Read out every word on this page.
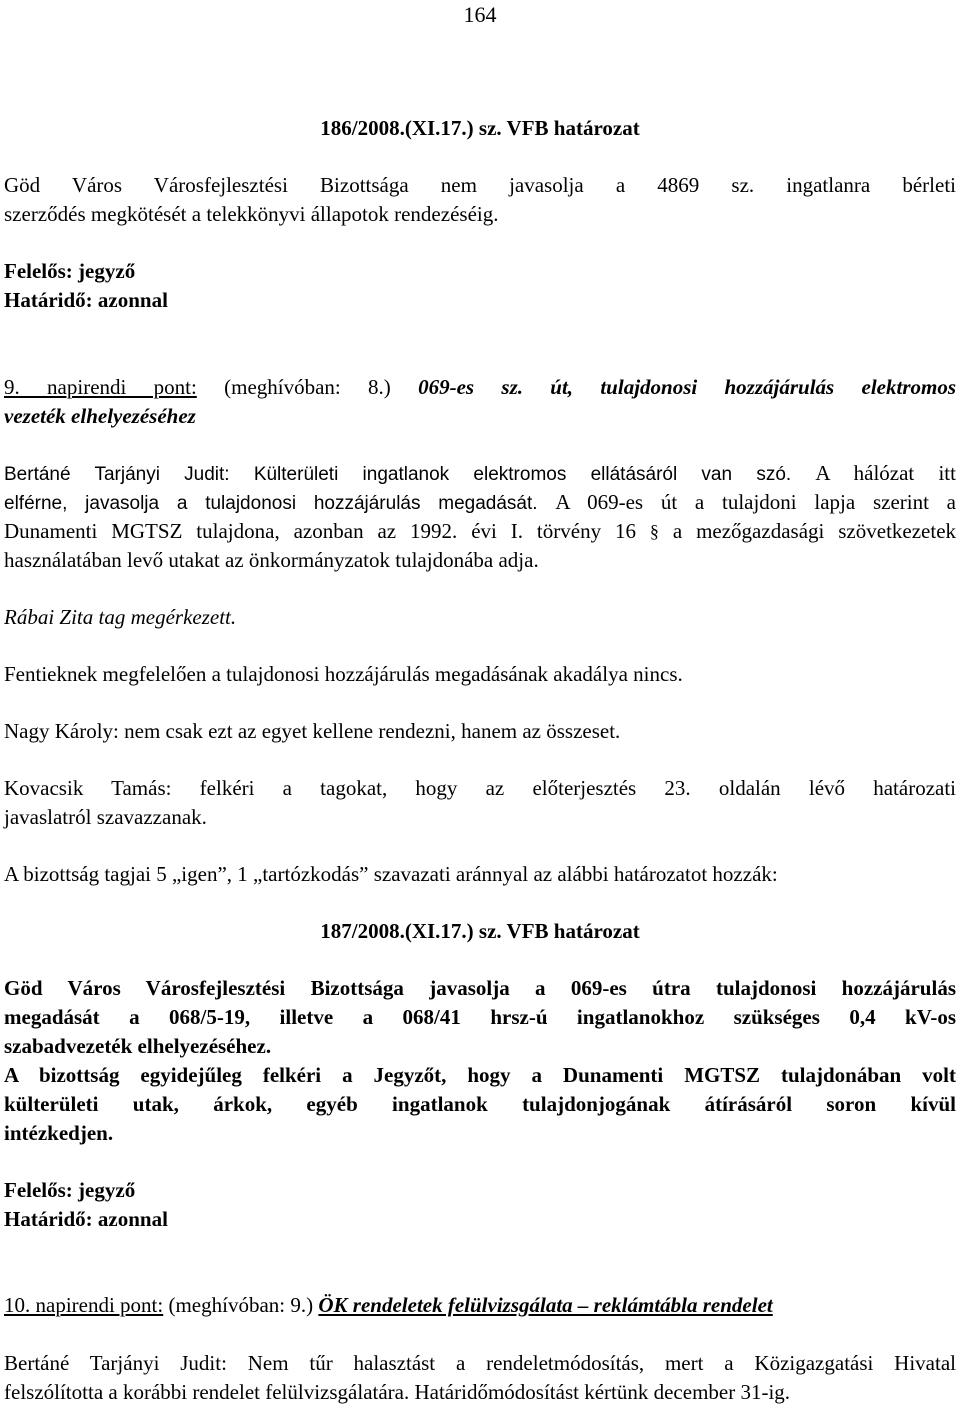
164
186/2008.(XI.17.) sz. VFB határozat
Göd Város Városfejlesztési Bizottsága nem javasolja a 4869 sz. ingatlanra bérleti
szerződés megkötését a telekkönyvi állapotok rendezéséig.
Felelős: jegyző
Határidő: azonnal
9. napirendi pont: (meghívóban: 8.) 069-es sz. út, tulajdonosi hozzájárulás elektromos
vezeték elhelyezéséhez
Bertáné Tarjányi Judit: Külterületi ingatlanok elektromos ellátásáról van szó. A hálózat itt
elférne, javasolja a tulajdonosi hozzájárulás megadását. A 069-es út a tulajdoni lapja szerint a
Dunamenti MGTSZ tulajdona, azonban az 1992. évi I. törvény 16 § a mezőgazdasági szövetkezetek
használatában levő utakat az önkormányzatok tulajdonába adja.
Rábai Zita tag megérkezett.
Fentieknek megfelelően a tulajdonosi hozzájárulás megadásának akadálya nincs.
Nagy Károly: nem csak ezt az egyet kellene rendezni, hanem az összeset.
Kovacsik Tamás: felkéri a tagokat, hogy az előterjesztés 23. oldalán lévő határozati
javaslatról szavazzanak.
A bizottság tagjai 5 „igen”, 1 „tartózkodás” szavazati aránnyal az alábbi határozatot hozzák:
187/2008.(XI.17.) sz. VFB határozat
Göd Város Városfejlesztési Bizottsága javasolja a 069-es útra tulajdonosi hozzájárulás
megadását a 068/5-19, illetve a 068/41 hrsz-ú ingatlanokhoz szükséges 0,4 kV-os
szabadvezeték elhelyezéséhez.
A bizottság egyidejűleg felkéri a Jegyzőt, hogy a Dunamenti MGTSZ tulajdonában volt
külterületi utak, árkok, egyéb ingatlanok tulajdonjogának átírásáról soron kívül
intézkedjen.
Felelős: jegyző
Határidő: azonnal
10. napirendi pont: (meghívóban: 9.) ÖK rendeletek felülvizsgálata – reklámtábla rendelet
Bertáné Tarjányi Judit: Nem tűr halasztást a rendeletmódosítás, mert a Közigazgatási Hivatal
felszólította a korábbi rendelet felülvizsgálatára. Határidőmódosítást kértünk december 31-ig.
